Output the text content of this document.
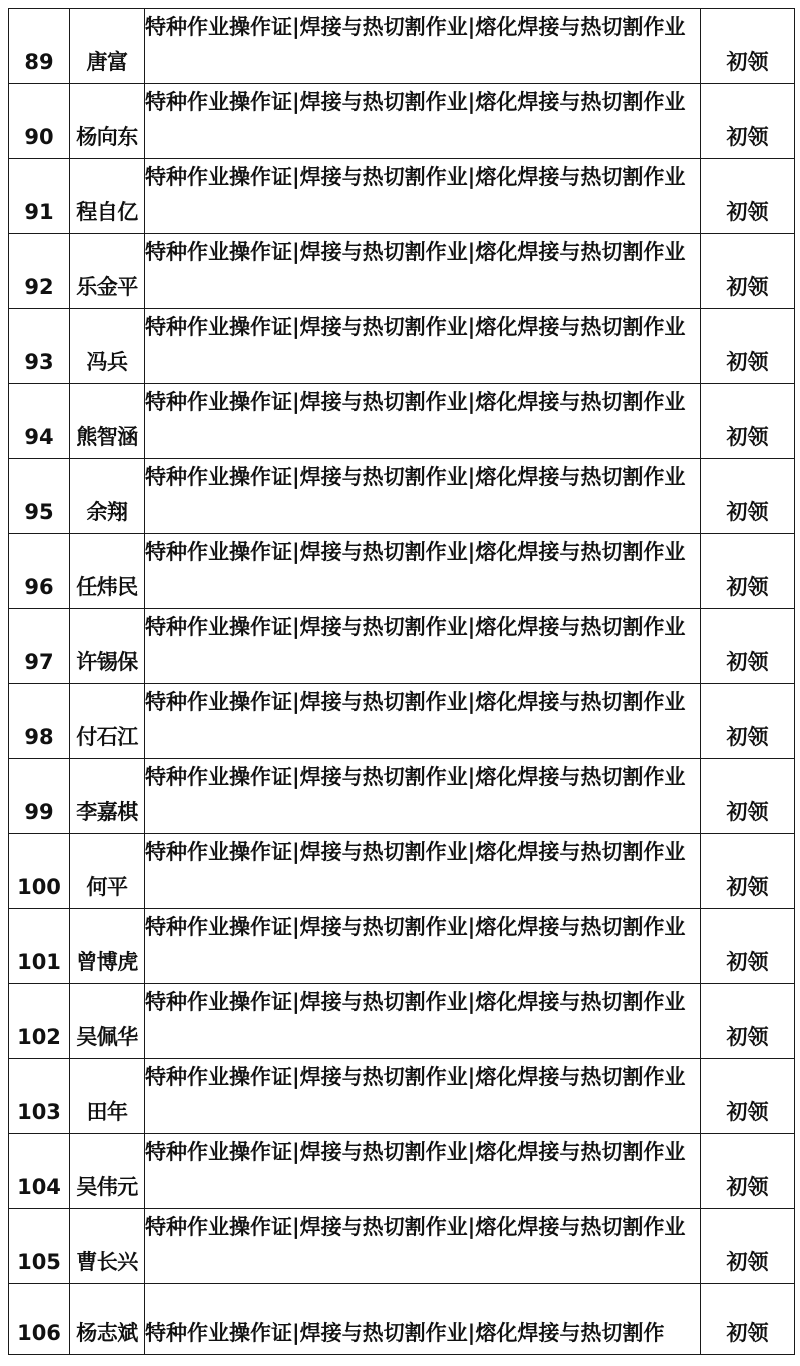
89	唐富	特种作业操作证|焊接与热切割作业|熔化焊接与热切割作业	初领
90	杨向东	特种作业操作证|焊接与热切割作业|熔化焊接与热切割作业	初领
91	程自亿	特种作业操作证|焊接与热切割作业|熔化焊接与热切割作业	初领
92	乐金平	特种作业操作证|焊接与热切割作业|熔化焊接与热切割作业	初领
93	冯兵	特种作业操作证|焊接与热切割作业|熔化焊接与热切割作业	初领
94	熊智涵	特种作业操作证|焊接与热切割作业|熔化焊接与热切割作业	初领
95	余翔	特种作业操作证|焊接与热切割作业|熔化焊接与热切割作业	初领
96	任炜民	特种作业操作证|焊接与热切割作业|熔化焊接与热切割作业	初领
97	许锡保	特种作业操作证|焊接与热切割作业|熔化焊接与热切割作业	初领
98	付石江	特种作业操作证|焊接与热切割作业|熔化焊接与热切割作业	初领
99	李嘉棋	特种作业操作证|焊接与热切割作业|熔化焊接与热切割作业	初领
100	何平	特种作业操作证|焊接与热切割作业|熔化焊接与热切割作业	初领
101	曾博虎	特种作业操作证|焊接与热切割作业|熔化焊接与热切割作业	初领
102	吴佩华	特种作业操作证|焊接与热切割作业|熔化焊接与热切割作业	初领
103	田年	特种作业操作证|焊接与热切割作业|熔化焊接与热切割作业	初领
104	吴伟元	特种作业操作证|焊接与热切割作业|熔化焊接与热切割作业	初领
105	曹长兴	特种作业操作证|焊接与热切割作业|熔化焊接与热切割作业	初领
106	杨志斌	特种作业操作证|焊接与热切割作业|熔化焊接与热切割作	初领
